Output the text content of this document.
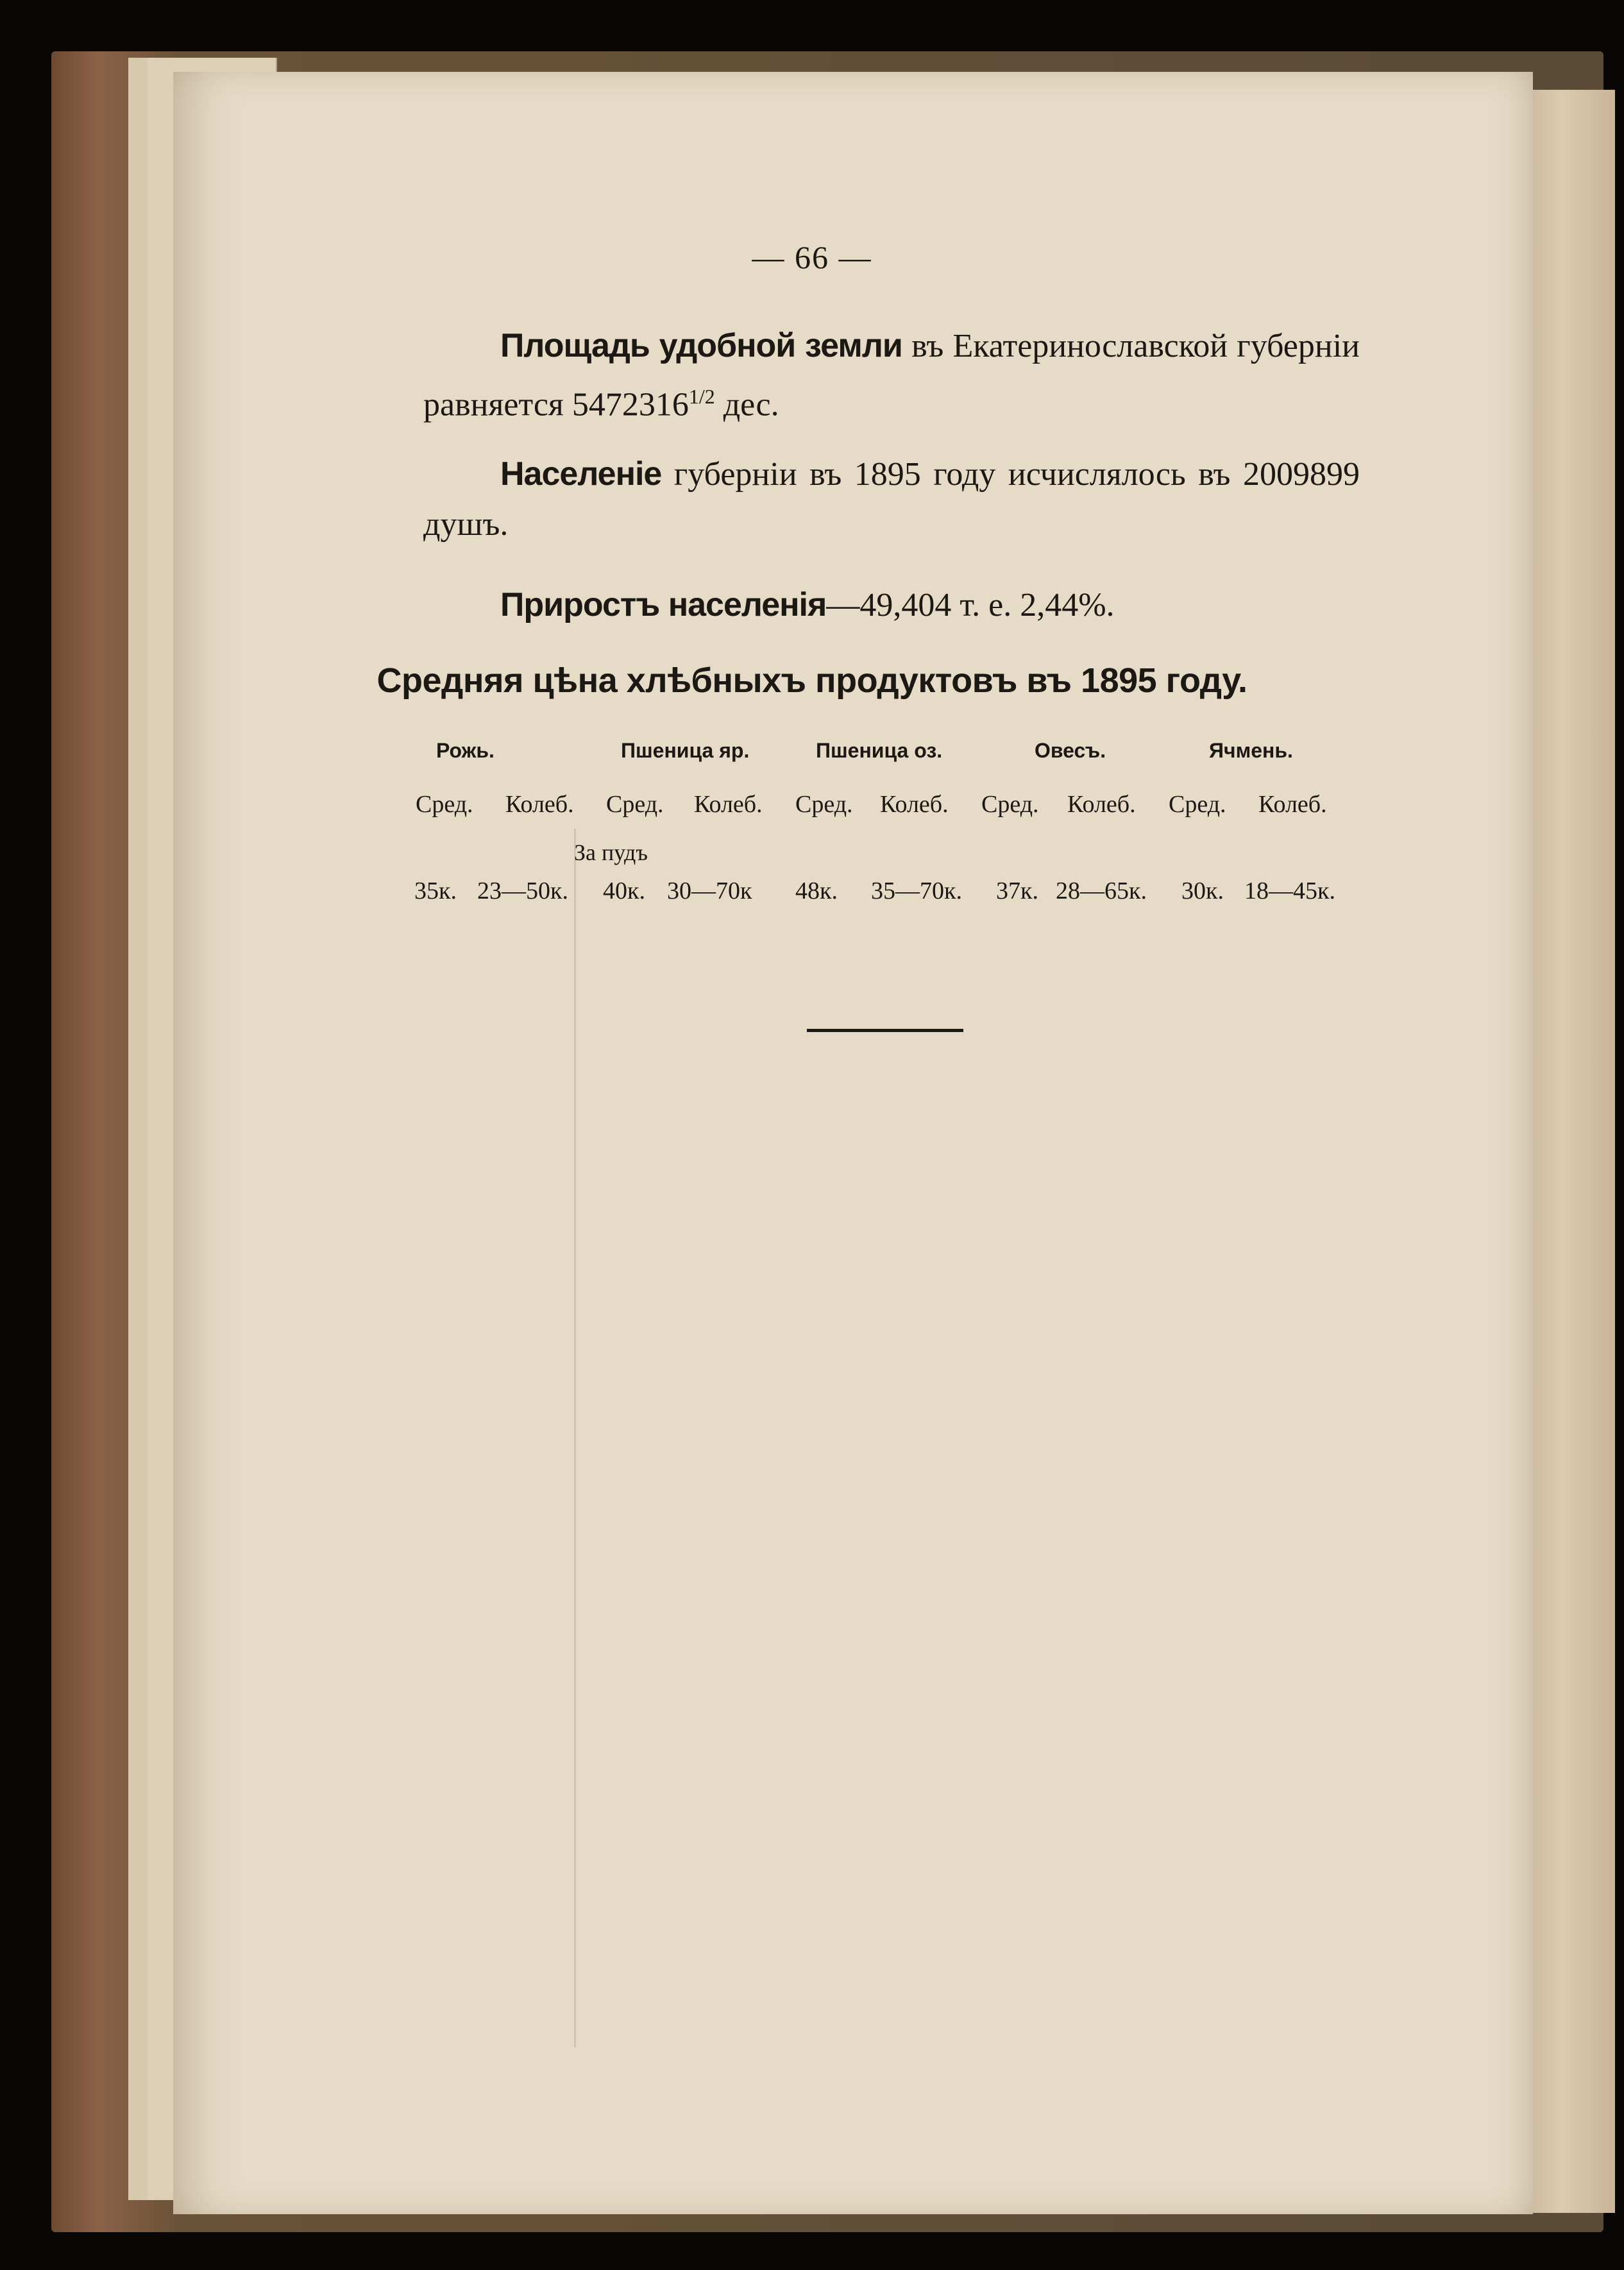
— 66 —
Площадь удобной земли въ Екатеринославской губерніи равняется $5472316^{1/2}$ дес.
Населеніе губерніи въ 1895 году исчислялось въ 2009899 душъ.
Приростъ населенія—49,404 т. е. 2,44%.
Средняя цѣна хлѣбныхъ продуктовъ въ 1895 году.
Рожь.	Пшеница яр.	Пшеница оз.	Овесъ.	Ячмень.
Сред. Колеб. Сред. Колеб. Сред. Колеб. Сред. Колеб. Сред. Колеб.
За пудъ
35к. 23—50к. 40к. 30—70к 48к. 35—70к. 37к. 28—65к. 30к. 18—45к.
